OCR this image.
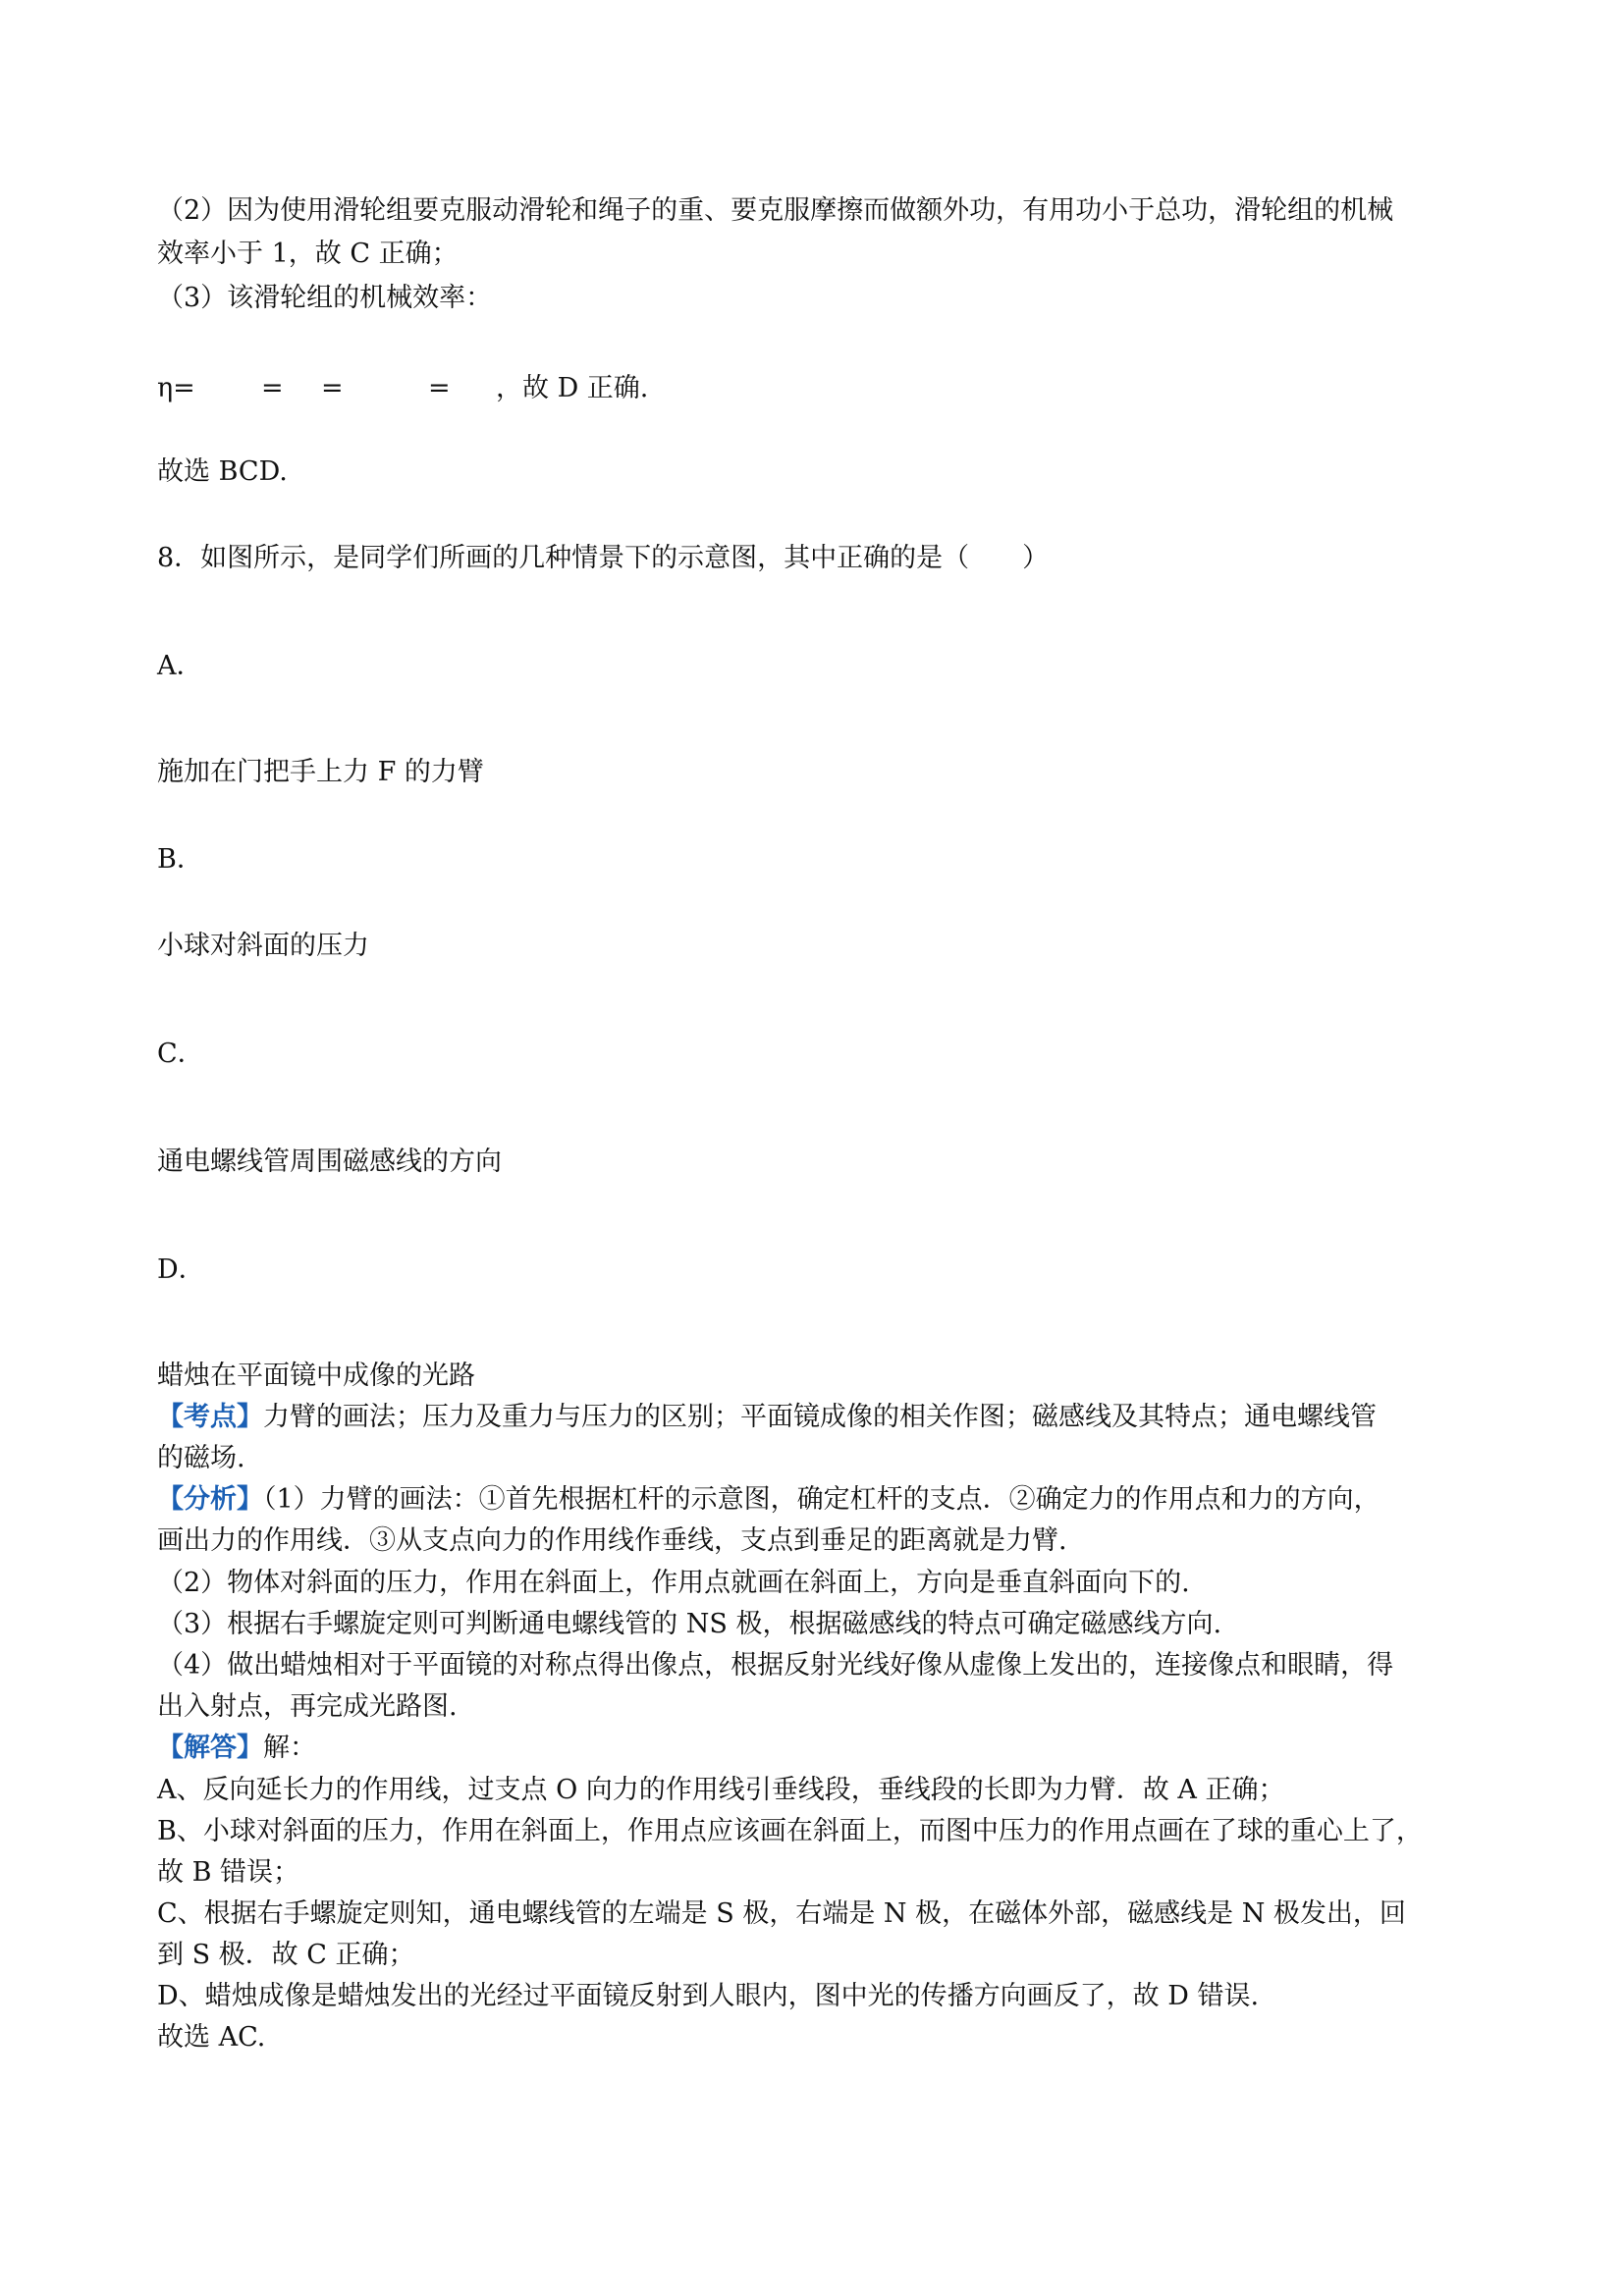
（2）因为使用滑轮组要克服动滑轮和绳子的重、要克服摩擦而做额外功，有用功小于总功，滑轮组的机械
效率小于 1，故 C 正确；
（3）该滑轮组的机械效率：
η= = =	= ，故 D 正确.
故选 BCD.
8．如图所示，是同学们所画的几种情景下的示意图，其中正确的是（　　）
A．
施加在门把手上力 F 的力臂
B．
小球对斜面的压力
C．
通电螺线管周围磁感线的方向
D．
蜡烛在平面镜中成像的光路
【考点】力臂的画法；压力及重力与压力的区别；平面镜成像的相关作图；磁感线及其特点；通电螺线管
的磁场.
【分析】（1）力臂的画法：①首先根据杠杆的示意图，确定杠杆的支点．②确定力的作用点和力的方向，
画出力的作用线．③从支点向力的作用线作垂线，支点到垂足的距离就是力臂.
（2）物体对斜面的压力，作用在斜面上，作用点就画在斜面上，方向是垂直斜面向下的.
（3）根据右手螺旋定则可判断通电螺线管的 NS 极，根据磁感线的特点可确定磁感线方向.
（4）做出蜡烛相对于平面镜的对称点得出像点，根据反射光线好像从虚像上发出的，连接像点和眼睛，得
出入射点，再完成光路图.
【解答】解：
A、反向延长力的作用线，过支点 O 向力的作用线引垂线段，垂线段的长即为力臂．故 A 正确；
B、小球对斜面的压力，作用在斜面上，作用点应该画在斜面上，而图中压力的作用点画在了球的重心上了，
故 B 错误；
C、根据右手螺旋定则知，通电螺线管的左端是 S 极，右端是 N 极，在磁体外部，磁感线是 N 极发出，回
到 S 极．故 C 正确；
D、蜡烛成像是蜡烛发出的光经过平面镜反射到人眼内，图中光的传播方向画反了，故 D 错误.
故选 AC.
